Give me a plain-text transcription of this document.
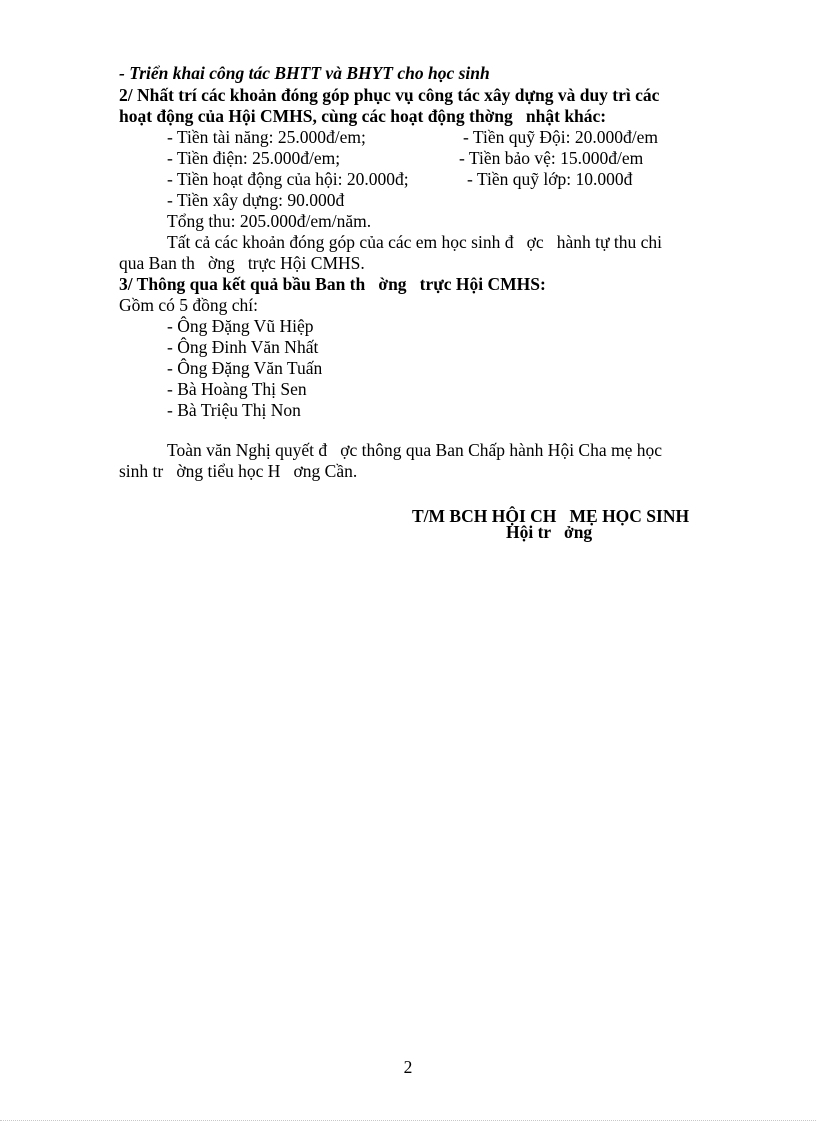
- Triển khai công tác BHTT và BHYT cho học sinh
2/ Nhất trí các khoản đóng góp phục vụ công tác xây dựng và duy trì các
hoạt động của Hội CMHS, cùng các hoạt động thờng   nhật khác:
- Tiền tài năng: 25.000đ/em;	- Tiền quỹ Đội: 20.000đ/em
- Tiền điện: 25.000đ/em;	- Tiền bảo vệ: 15.000đ/em
- Tiền hoạt động của hội: 20.000đ;	- Tiền quỹ lớp: 10.000đ
- Tiền xây dựng: 90.000đ
Tổng thu: 205.000đ/em/năm.
Tất cả các khoản đóng góp của các em học sinh đ   ợc   hành tự thu chi
qua Ban th   ờng   trực Hội CMHS.
3/ Thông qua kết quả bầu Ban th   ờng   trực Hội CMHS:
Gồm có 5 đồng chí:
- Ông Đặng Vũ Hiệp
- Ông Đinh Văn Nhất
- Ông Đặng Văn Tuấn
- Bà Hoàng Thị Sen
- Bà Triệu Thị Non
Toàn văn Nghị quyết đ   ợc thông qua Ban Chấp hành Hội Cha mẹ học
sinh tr   ờng tiểu học H   ơng Cần.
T/M BCH HỘI CH   MẸ HỌC SINH
Hội tr   ởng
2
